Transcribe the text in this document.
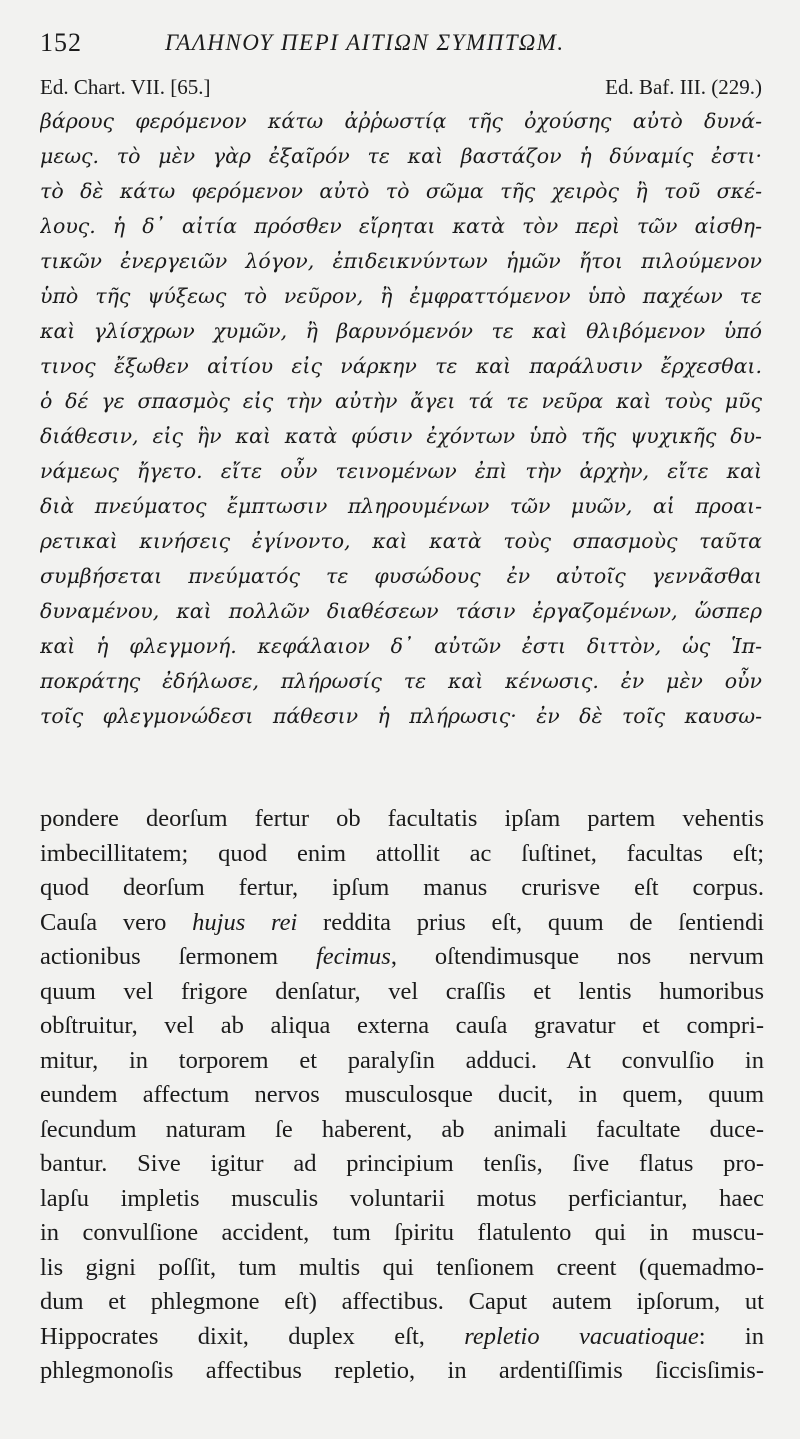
152	ΓΑΛΗΝΟΥ ΠΕΡΙ ΑΙΤΙΩΝ ΣΥΜΠΤΩΜ.
Ed. Chart. VII. [65.]	Ed. Baf. III. (229.)
βάρους φερόμενον κάτω ἀῤῥωστίᾳ τῆς ὀχούσης αὐτὸ δυνά-
μεως. τὸ μὲν γὰρ ἐξαῖρόν τε καὶ βαστάζον ἡ δύναμίς ἐστι·
τὸ δὲ κάτω φερόμενον αὐτὸ τὸ σῶμα τῆς χειρὸς ἢ τοῦ σκέ-
λους. ἡ δ᾽ αἰτία πρόσθεν εἴρηται κατὰ τὸν περὶ τῶν αἰσθη-
τικῶν ἐνεργειῶν λόγον, ἐπιδεικνύντων ἡμῶν ἤτοι πιλούμενον
ὑπὸ τῆς ψύξεως τὸ νεῦρον, ἢ ἐμφραττόμενον ὑπὸ παχέων τε
καὶ γλίσχρων χυμῶν, ἢ βαρυνόμενόν τε καὶ θλιβόμενον ὑπό
τινος ἔξωθεν αἰτίου εἰς νάρκην τε καὶ παράλυσιν ἔρχεσθαι.
ὁ δέ γε σπασμὸς εἰς τὴν αὐτὴν ἄγει τά τε νεῦρα καὶ τοὺς μῦς
διάθεσιν, εἰς ἣν καὶ κατὰ φύσιν ἐχόντων ὑπὸ τῆς ψυχικῆς δυ-
νάμεως ἤγετο. εἴτε οὖν τεινομένων ἐπὶ τὴν ἀρχὴν, εἴτε καὶ
διὰ πνεύματος ἔμπτωσιν πληρουμένων τῶν μυῶν, αἱ προαι-
ρετικαὶ κινήσεις ἐγίνοντο, καὶ κατὰ τοὺς σπασμοὺς ταῦτα
συμβήσεται πνεύματός τε φυσώδους ἐν αὐτοῖς γεννᾶσθαι
δυναμένου, καὶ πολλῶν διαθέσεων τάσιν ἐργαζομένων, ὥσπερ
καὶ ἡ φλεγμονή. κεφάλαιον δ᾽ αὐτῶν ἐστι διττὸν, ὡς Ἱπ-
ποκράτης ἐδήλωσε, πλήρωσίς τε καὶ κένωσις. ἐν μὲν οὖν
τοῖς φλεγμονώδεσι πάθεσιν ἡ πλήρωσις· ἐν δὲ τοῖς καυσω-
pondere deorſum fertur ob facultatis ipſam partem vehentis
imbecillitatem; quod enim attollit ac ſuſtinet, facultas eſt;
quod deorſum fertur, ipſum manus crurisve eſt corpus.
Cauſa vero hujus rei reddita prius eſt, quum de ſentiendi
actionibus ſermonem fecimus, oſtendimusque nos nervum
quum vel frigore denſatur, vel craſſis et lentis humoribus
obſtruitur, vel ab aliqua externa cauſa gravatur et compri-
mitur, in torporem et paralyſin adduci. At convulſio in
eundem affectum nervos musculosque ducit, in quem, quum
ſecundum naturam ſe haberent, ab animali facultate duce-
bantur. Sive igitur ad principium tenſis, ſive flatus pro-
lapſu impletis musculis voluntarii motus perficiantur, haec
in convulſione accident, tum ſpiritu flatulento qui in muscu-
lis gigni poſſit, tum multis qui tenſionem creent (quemadmo-
dum et phlegmone eſt) affectibus. Caput autem ipſorum, ut
Hippocrates dixit, duplex eſt, repletio vacuatioque: in
phlegmonoſis affectibus repletio, in ardentiſſimis ſiccisſimis-
